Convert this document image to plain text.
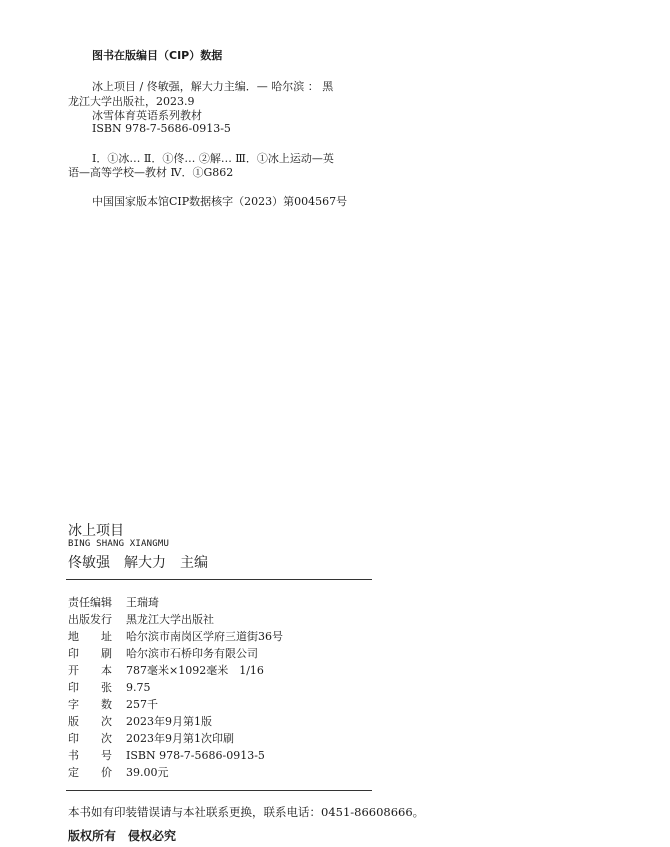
图书在版编目（CIP）数据
冰上项目 / 佟敏强，解大力主编．— 哈尔滨 ： 黑
龙江大学出版社，2023.9
冰雪体育英语系列教材
ISBN 978-7-5686-0913-5
Ⅰ．①冰… Ⅱ．①佟… ②解… Ⅲ．①冰上运动—英
语—高等学校—教材 Ⅳ．①G862
中国国家版本馆CIP数据核字（2023）第004567号
冰上项目
BING SHANG XIANGMU
佟敏强　解大力　主编
责任编辑 王瑞琦
出版发行 黑龙江大学出版社
地　　址 哈尔滨市南岗区学府三道街36号
印　　刷 哈尔滨市石桥印务有限公司
开　　本 787毫米×1092毫米　1/16
印　　张 9.75
字　　数 257千
版　　次 2023年9月第1版
印　　次 2023年9月第1次印刷
书　　号 ISBN 978-7-5686-0913-5
定　　价 39.00元
本书如有印装错误请与本社联系更换，联系电话：0451-86608666。
版权所有　侵权必究
